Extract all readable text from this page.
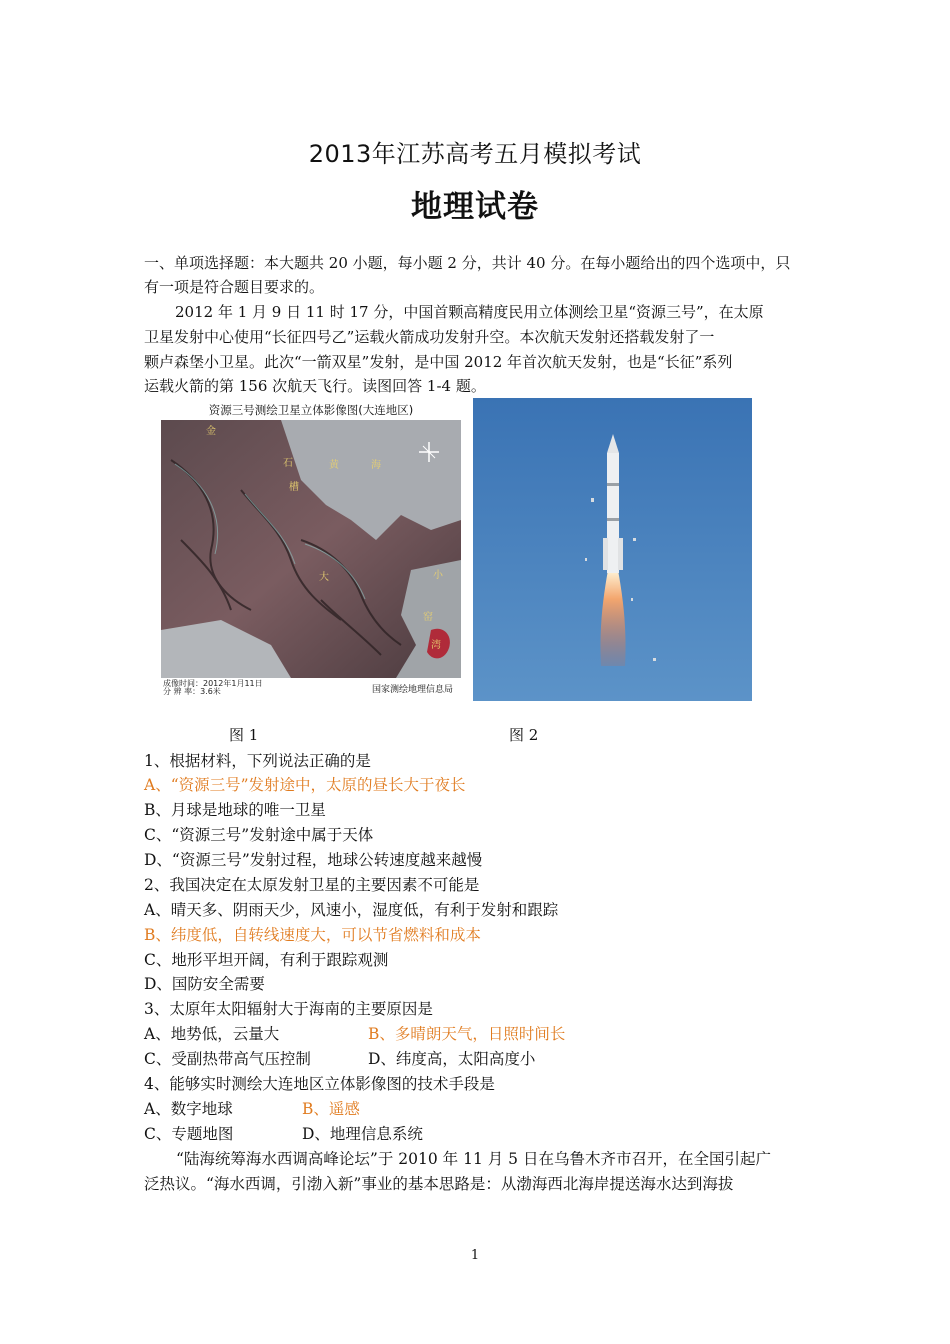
2013年江苏高考五月模拟考试
地理试卷
一、单项选择题：本大题共 20 小题，每小题 2 分，共计 40 分。在每小题给出的四个选项中，只
有一项是符合题目要求的。
2012 年 1 月 9 日 11 时 17 分，中国首颗高精度民用立体测绘卫星“资源三号”，在太原
卫星发射中心使用“长征四号乙”运载火箭成功发射升空。本次航天发射还搭载发射了一
颗卢森堡小卫星。此次“一箭双星”发射，是中国 2012 年首次航天发射，也是“长征”系列
运载火箭的第 156 次航天飞行。读图回答 1-4 题。
资源三号测绘卫星立体影像图(大连地区)
金
石	黄	海
槽
大	小
窑
湾
成像时间：2012年1月11日
分 辨 率：3.6米	国家测绘地理信息局
图 1	图 2
1、根据材料，下列说法正确的是
A、“资源三号”发射途中，太原的昼长大于夜长
B、月球是地球的唯一卫星
C、“资源三号”发射途中属于天体
D、“资源三号”发射过程，地球公转速度越来越慢
2、我国决定在太原发射卫星的主要因素不可能是
A、晴天多、阴雨天少，风速小，湿度低，有利于发射和跟踪
B、纬度低，自转线速度大，可以节省燃料和成本
C、地形平坦开阔，有利于跟踪观测
D、国防安全需要
3、太原年太阳辐射大于海南的主要原因是
A、地势低，云量大	B、多晴朗天气，日照时间长
C、受副热带高气压控制	D、纬度高，太阳高度小
4、能够实时测绘大连地区立体影像图的技术手段是
A、数字地球	B、遥感
C、专题地图	D、地理信息系统
“陆海统筹海水西调高峰论坛”于 2010 年 11 月 5 日在乌鲁木齐市召开，在全国引起广
泛热议。“海水西调，引渤入新”事业的基本思路是：从渤海西北海岸提送海水达到海拔
1
